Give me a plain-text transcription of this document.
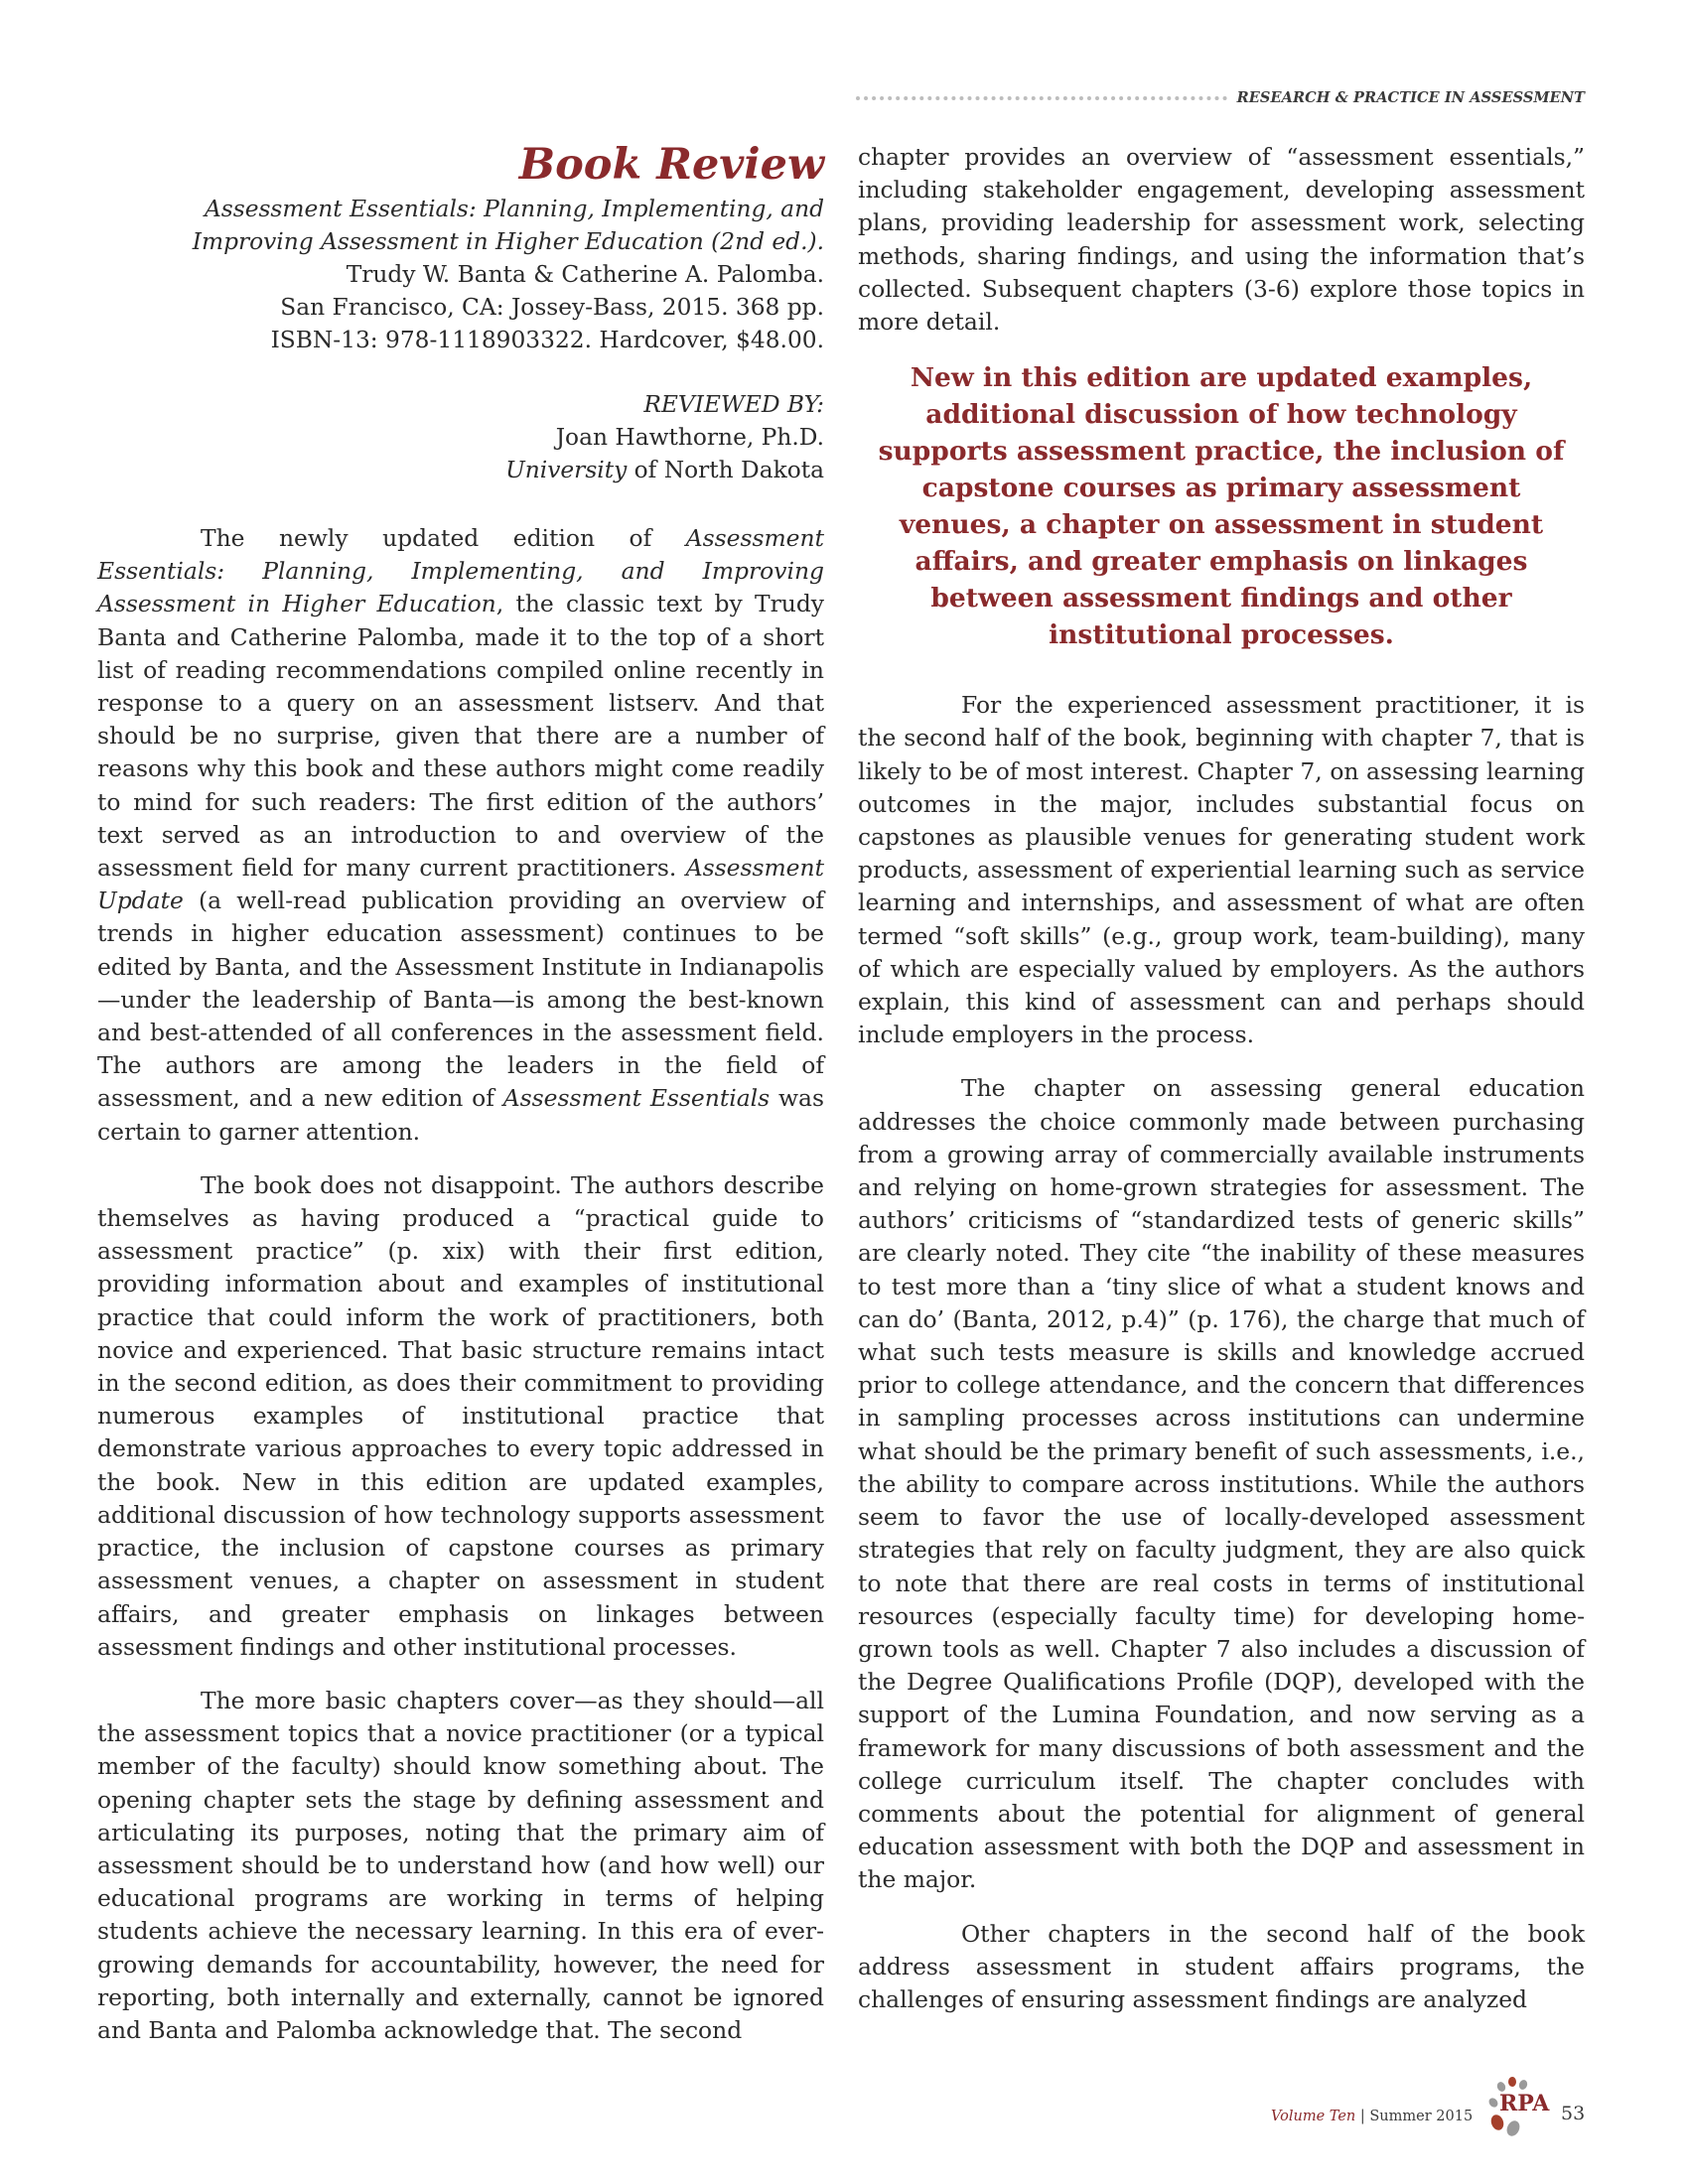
RESEARCH & PRACTICE IN ASSESSMENT
Book Review
Assessment Essentials: Planning, Implementing, and
Improving Assessment in Higher Education (2nd ed.).
Trudy W. Banta & Catherine A. Palomba.
San Francisco, CA: Jossey-Bass, 2015. 368 pp.
ISBN-13: 978-1118903322. Hardcover, $48.00.
REVIEWED BY:
Joan Hawthorne, Ph.D.
University of North Dakota

The newly updated edition of Assessment Essentials: Planning, Implementing, and Improving Assessment in Higher Education, the classic text by Trudy Banta and Catherine Palomba, made it to the top of a short list of reading recommendations compiled online recently in response to a query on an assessment listserv. And that should be no surprise, given that there are a number of reasons why this book and these authors might come readily to mind for such readers: The first edition of the authors’ text served as an introduction to and overview of the assessment field for many current practitioners. Assessment Update (a well-read publication providing an overview of trends in higher education assessment) continues to be edited by Banta, and the Assessment Institute in Indianapolis—under the leadership of Banta—is among the best-known and best-attended of all conferences in the assessment field. The authors are among the leaders in the field of assessment, and a new edition of Assessment Essentials was certain to garner attention.

The book does not disappoint. The authors describe themselves as having produced a “practical guide to assessment practice” (p. xix) with their first edition, providing information about and examples of institutional practice that could inform the work of practitioners, both novice and experienced. That basic structure remains intact in the second edition, as does their commitment to providing numerous examples of institutional practice that demonstrate various approaches to every topic addressed in the book. New in this edition are updated examples, additional discussion of how technology supports assessment practice, the inclusion of capstone courses as primary assessment venues, a chapter on assessment in student affairs, and greater emphasis on linkages between assessment findings and other institutional processes.

The more basic chapters cover—as they should—all the assessment topics that a novice practitioner (or a typical member of the faculty) should know something about. The opening chapter sets the stage by defining assessment and articulating its purposes, noting that the primary aim of assessment should be to understand how (and how well) our educational programs are working in terms of helping students achieve the necessary learning. In this era of ever-growing demands for accountability, however, the need for reporting, both internally and externally, cannot be ignored and Banta and Palomba acknowledge that. The second

chapter provides an overview of “assessment essentials,” including stakeholder engagement, developing assessment plans, providing leadership for assessment work, selecting methods, sharing findings, and using the information that’s collected. Subsequent chapters (3-6) explore those topics in more detail.

New in this edition are updated examples, additional discussion of how technology supports assessment practice, the inclusion of capstone courses as primary assessment venues, a chapter on assessment in student affairs, and greater emphasis on linkages between assessment findings and other institutional processes.

For the experienced assessment practitioner, it is the second half of the book, beginning with chapter 7, that is likely to be of most interest. Chapter 7, on assessing learning outcomes in the major, includes substantial focus on capstones as plausible venues for generating student work products, assessment of experiential learning such as service learning and internships, and assessment of what are often termed “soft skills” (e.g., group work, team-building), many of which are especially valued by employers. As the authors explain, this kind of assessment can and perhaps should include employers in the process.

The chapter on assessing general education addresses the choice commonly made between purchasing from a growing array of commercially available instruments and relying on home-grown strategies for assessment. The authors’ criticisms of “standardized tests of generic skills” are clearly noted. They cite “the inability of these measures to test more than a ‘tiny slice of what a student knows and can do’ (Banta, 2012, p.4)” (p. 176), the charge that much of what such tests measure is skills and knowledge accrued prior to college attendance, and the concern that differences in sampling processes across institutions can undermine what should be the primary benefit of such assessments, i.e., the ability to compare across institutions. While the authors seem to favor the use of locally-developed assessment strategies that rely on faculty judgment, they are also quick to note that there are real costs in terms of institutional resources (especially faculty time) for developing home-grown tools as well. Chapter 7 also includes a discussion of the Degree Qualifications Profile (DQP), developed with the support of the Lumina Foundation, and now serving as a framework for many discussions of both assessment and the college curriculum itself. The chapter concludes with comments about the potential for alignment of general education assessment with both the DQP and assessment in the major.

Other chapters in the second half of the book address assessment in student affairs programs, the challenges of ensuring assessment findings are analyzed

Volume Ten | Summer 2015 RPA 53
